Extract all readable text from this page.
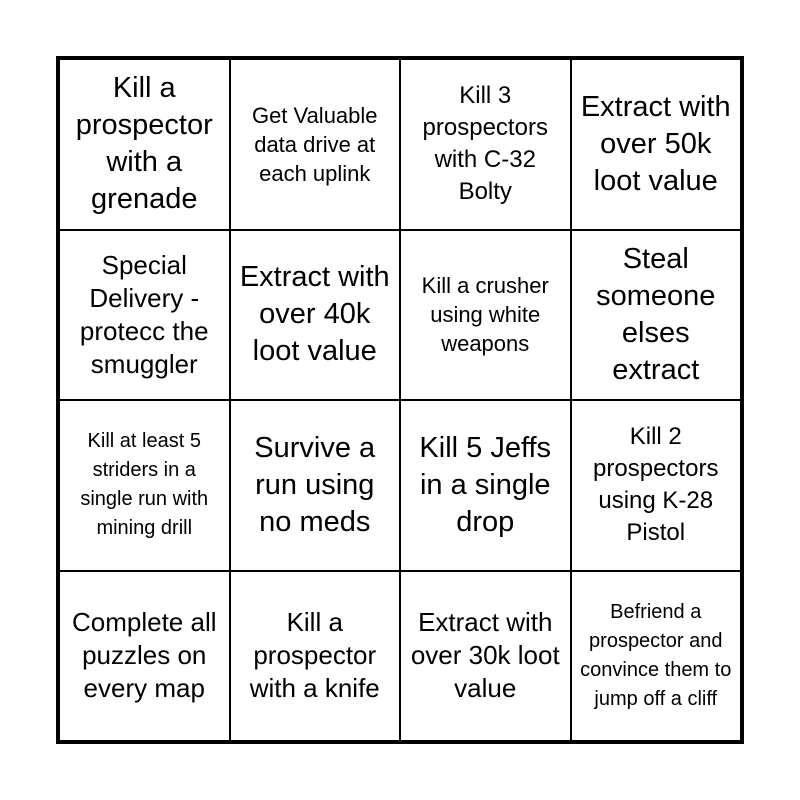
Kill a prospector with a grenade
Get Valuable data drive at each uplink
Kill 3 prospectors with C-32 Bolty
Extract with over 50k loot value
Special Delivery - protecc the smuggler
Extract with over 40k loot value
Kill a crusher using white weapons
Steal someone elses extract
Kill at least 5 striders in a single run with mining drill
Survive a run using no meds
Kill 5 Jeffs in a single drop
Kill 2 prospectors using K-28 Pistol
Complete all puzzles on every map
Kill a prospector with a knife
Extract with over 30k loot value
Befriend a prospector and convince them to jump off a cliff
